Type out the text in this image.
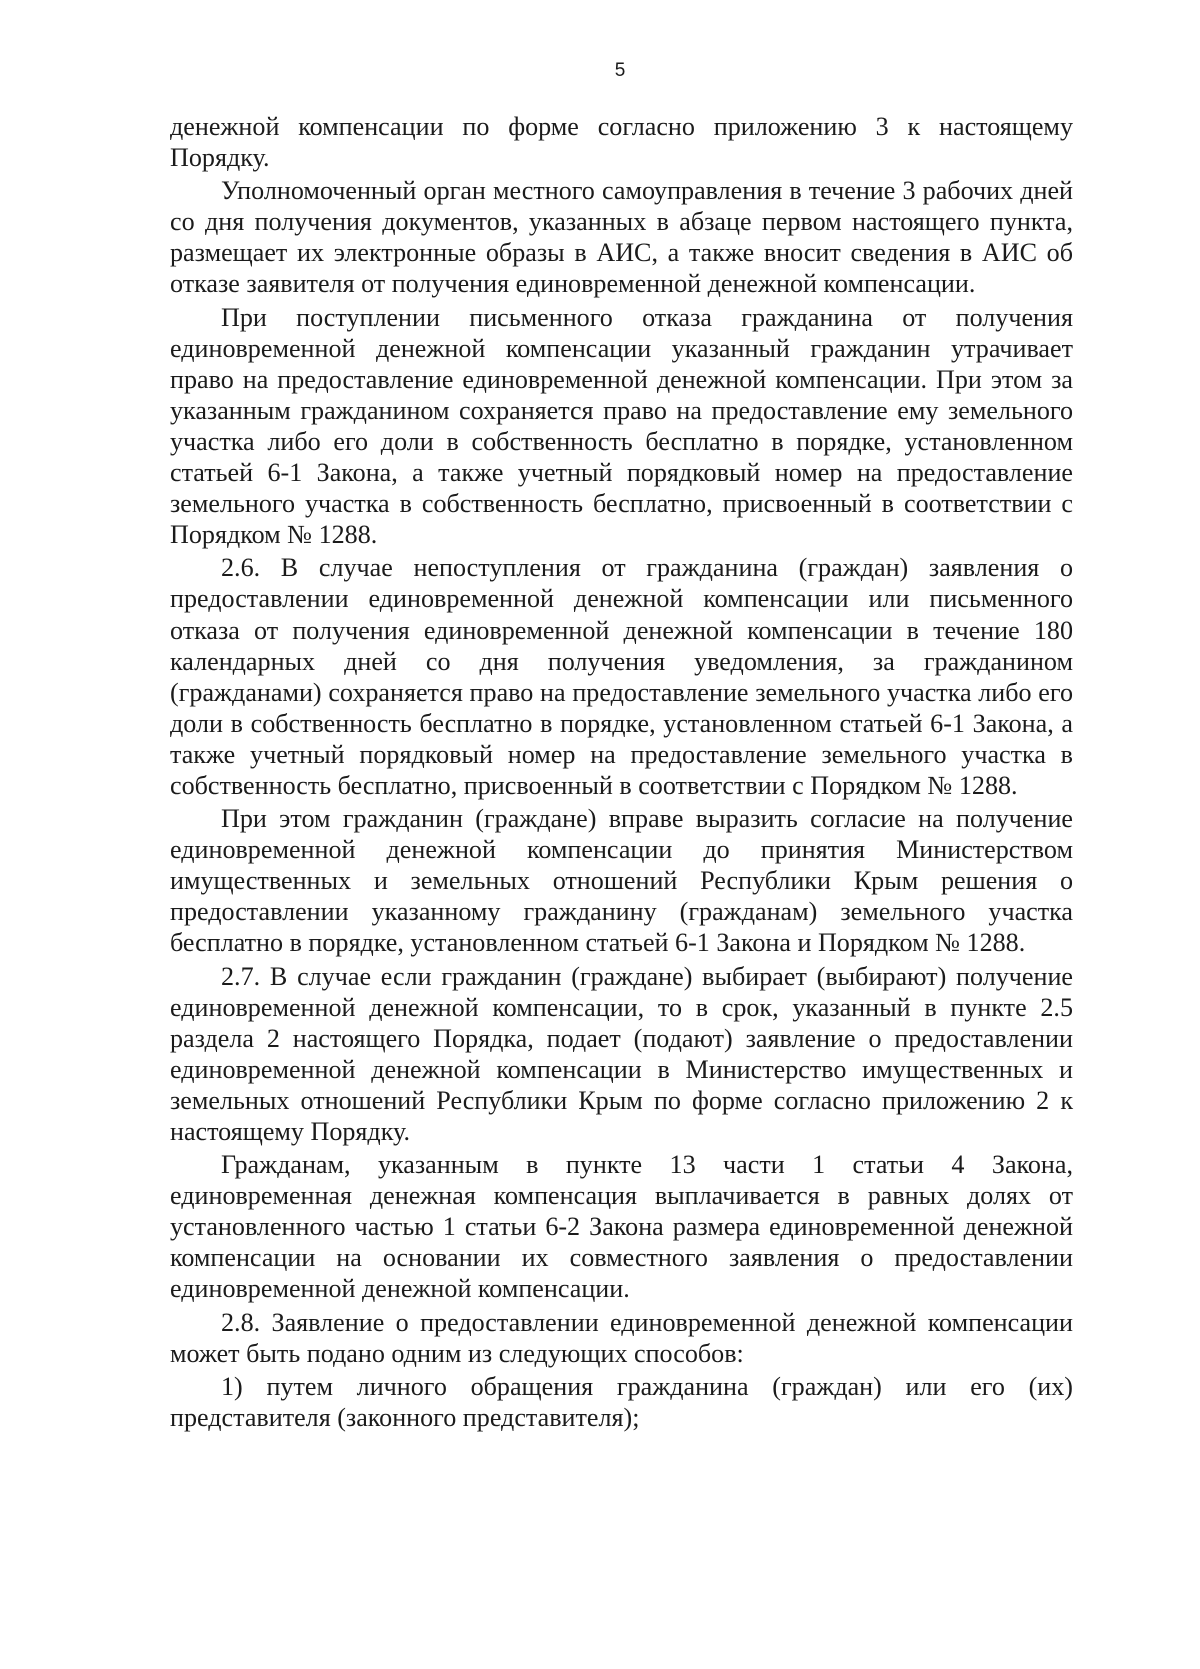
5

денежной компенсации по форме согласно приложению 3 к настоящему Порядку.

Уполномоченный орган местного самоуправления в течение 3 рабочих дней со дня получения документов, указанных в абзаце первом настоящего пункта, размещает их электронные образы в АИС, а также вносит сведения в АИС об отказе заявителя от получения единовременной денежной компенсации.

При поступлении письменного отказа гражданина от получения единовременной денежной компенсации указанный гражданин утрачивает право на предоставление единовременной денежной компенсации. При этом за указанным гражданином сохраняется право на предоставление ему земельного участка либо его доли в собственность бесплатно в порядке, установленном статьей 6-1 Закона, а также учетный порядковый номер на предоставление земельного участка в собственность бесплатно, присвоенный в соответствии с Порядком № 1288.

2.6. В случае непоступления от гражданина (граждан) заявления о предоставлении единовременной денежной компенсации или письменного отказа от получения единовременной денежной компенсации в течение 180 календарных дней со дня получения уведомления, за гражданином (гражданами) сохраняется право на предоставление земельного участка либо его доли в собственность бесплатно в порядке, установленном статьей 6-1 Закона, а также учетный порядковый номер на предоставление земельного участка в собственность бесплатно, присвоенный в соответствии с Порядком № 1288.

При этом гражданин (граждане) вправе выразить согласие на получение единовременной денежной компенсации до принятия Министерством имущественных и земельных отношений Республики Крым решения о предоставлении указанному гражданину (гражданам) земельного участка бесплатно в порядке, установленном статьей 6-1 Закона и Порядком № 1288.

2.7. В случае если гражданин (граждане) выбирает (выбирают) получение единовременной денежной компенсации, то в срок, указанный в пункте 2.5 раздела 2 настоящего Порядка, подает (подают) заявление о предоставлении единовременной денежной компенсации в Министерство имущественных и земельных отношений Республики Крым по форме согласно приложению 2 к настоящему Порядку.

Гражданам, указанным в пункте 13 части 1 статьи 4 Закона, единовременная денежная компенсация выплачивается в равных долях от установленного частью 1 статьи 6-2 Закона размера единовременной денежной компенсации на основании их совместного заявления о предоставлении единовременной денежной компенсации.

2.8. Заявление о предоставлении единовременной денежной компенсации может быть подано одним из следующих способов:

1) путем личного обращения гражданина (граждан) или его (их) представителя (законного представителя);
